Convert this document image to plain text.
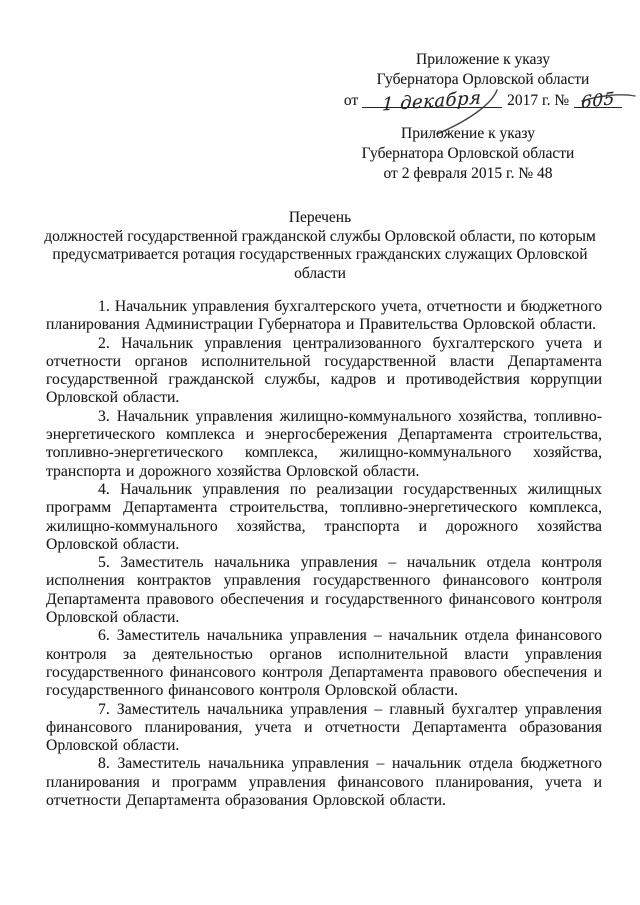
Приложение к указу
Губернатора Орловской области
от	1 декабря	2017 г. № 605
Приложение к указу
Губернатора Орловской области
от 2 февраля 2015 г. № 48
Перечень
должностей государственной гражданской службы Орловской области, по которым предусматривается ротация государственных гражданских служащих Орловской области

1. Начальник управления бухгалтерского учета, отчетности и бюджетного планирования Администрации Губернатора и Правительства Орловской области.

2. Начальник управления централизованного бухгалтерского учета и отчетности органов исполнительной государственной власти Департамента государственной гражданской службы, кадров и противодействия коррупции Орловской области.

3. Начальник управления жилищно-коммунального хозяйства, топливно-энергетического комплекса и энергосбережения Департамента строительства, топливно-энергетического комплекса, жилищно-коммунального хозяйства, транспорта и дорожного хозяйства Орловской области.

4. Начальник управления по реализации государственных жилищных программ Департамента строительства, топливно-энергетического комплекса, жилищно-коммунального хозяйства, транспорта и дорожного хозяйства Орловской области.

5. Заместитель начальника управления – начальник отдела контроля исполнения контрактов управления государственного финансового контроля Департамента правового обеспечения и государственного финансового контроля Орловской области.

6. Заместитель начальника управления – начальник отдела финансового контроля за деятельностью органов исполнительной власти управления государственного финансового контроля Департамента правового обеспечения и государственного финансового контроля Орловской области.

7. Заместитель начальника управления – главный бухгалтер управления финансового планирования, учета и отчетности Департамента образования Орловской области.

8. Заместитель начальника управления – начальник отдела бюджетного планирования и программ управления финансового планирования, учета и отчетности Департамента образования Орловской области.
